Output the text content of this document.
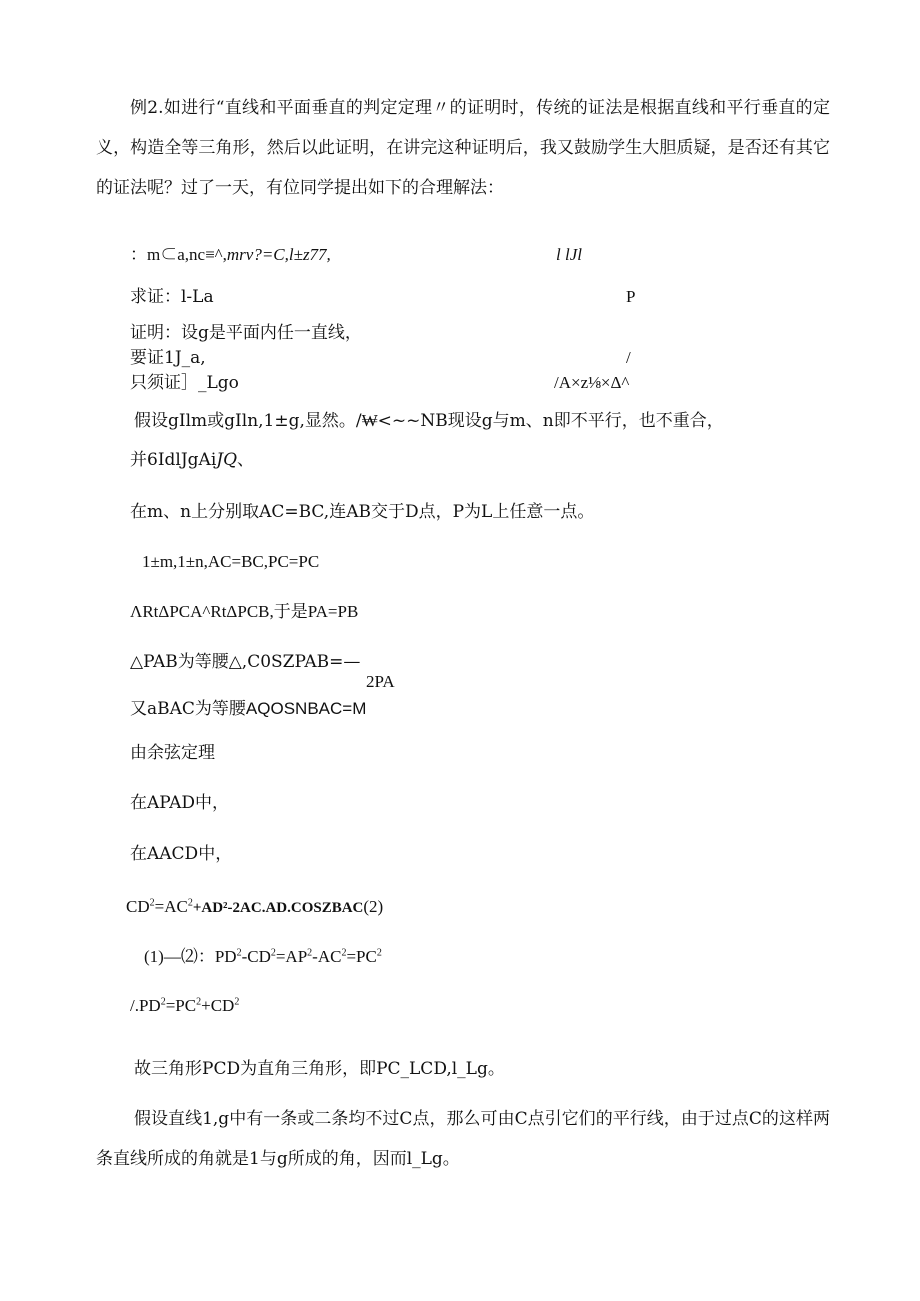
例2.如进行“直线和平面垂直的判定定理〃的证明时，传统的证法是根据直线和平行垂直的定义，构造全等三角形，然后以此证明，在讲完这种证明后，我又鼓励学生大胆质疑，是否还有其它的证法呢？过了一天，有位同学提出如下的合理解法：
：m⊂a,nc≡^,mrv?=C,l±z77,	l lJl
求证：l-La	P
证明：设g是平面内任一直线，
要证1J_a,	/
只须证］_Lgo	/A×z⅛×Δ^
假设gIlm或gIln,1±g,显然。/₩<~~NB现设g与m、n即不平行，也不重合，
并6IdlJgAiJQ、
在m、n上分别取AC=BC,连AB交于D点，P为L上任意一点。
1±m,1±n,AC=BC,PC=PC
ΛRtΔPCA^RtΔPCB,于是PA=PB
△PAB为等腰△,C0SZPAB=—
2PA
又aBAC为等腰AQOSNBAC=M
由余弦定理
在APAD中，
在AACD中，
$CD^2=AC^2+AD^2-2AC.AD.COSZBAC(2)$
(1)—⑵：$PD^2-CD^2=AP^2-AC^2=PC^2$
$/.PD^2=PC^2+CD^2$
故三角形PCD为直角三角形，即PC_LCD,l_Lg。
假设直线1,g中有一条或二条均不过C点，那么可由C点引它们的平行线，由于过点C的这样两条直线所成的角就是1与g所成的角，因而l_Lg。
